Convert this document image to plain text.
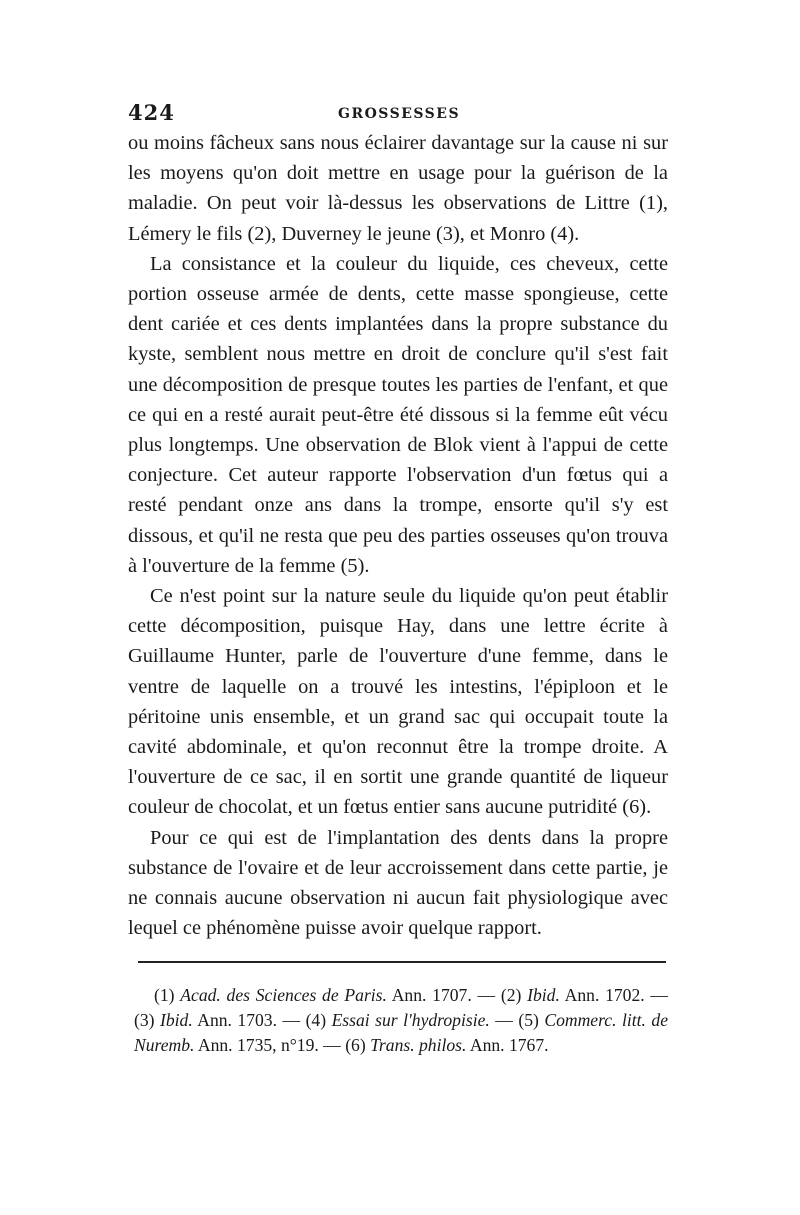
424	GROSSESSES

ou moins fâcheux sans nous éclairer davantage sur la cause ni sur les moyens qu'on doit mettre en usage pour la guérison de la maladie. On peut voir là-dessus les observations de Littre (1), Lémery le fils (2), Duverney le jeune (3), et Monro (4).

La consistance et la couleur du liquide, ces cheveux, cette portion osseuse armée de dents, cette masse spongieuse, cette dent cariée et ces dents implantées dans la propre substance du kyste, semblent nous mettre en droit de conclure qu'il s'est fait une décomposition de presque toutes les parties de l'enfant, et que ce qui en a resté aurait peut-être été dissous si la femme eût vécu plus longtemps. Une observation de Blok vient à l'appui de cette conjecture. Cet auteur rapporte l'observation d'un fœtus qui a resté pendant onze ans dans la trompe, ensorte qu'il s'y est dissous, et qu'il ne resta que peu des parties osseuses qu'on trouva à l'ouverture de la femme (5).

Ce n'est point sur la nature seule du liquide qu'on peut établir cette décomposition, puisque Hay, dans une lettre écrite à Guillaume Hunter, parle de l'ouverture d'une femme, dans le ventre de laquelle on a trouvé les intestins, l'épiploon et le péritoine unis ensemble, et un grand sac qui occupait toute la cavité abdominale, et qu'on reconnut être la trompe droite. A l'ouverture de ce sac, il en sortit une grande quantité de liqueur couleur de chocolat, et un fœtus entier sans aucune putridité (6).

Pour ce qui est de l'implantation des dents dans la propre substance de l'ovaire et de leur accroissement dans cette partie, je ne connais aucune observation ni aucun fait physiologique avec lequel ce phénomène puisse avoir quelque rapport.

(1) Acad. des Sciences de Paris. Ann. 1707. — (2) Ibid. Ann. 1702. — (3) Ibid. Ann. 1703. — (4) Essai sur l'hydropisie. — (5) Commerc. litt. de Nuremb. Ann. 1735, n°19. — (6) Trans. philos. Ann. 1767.
